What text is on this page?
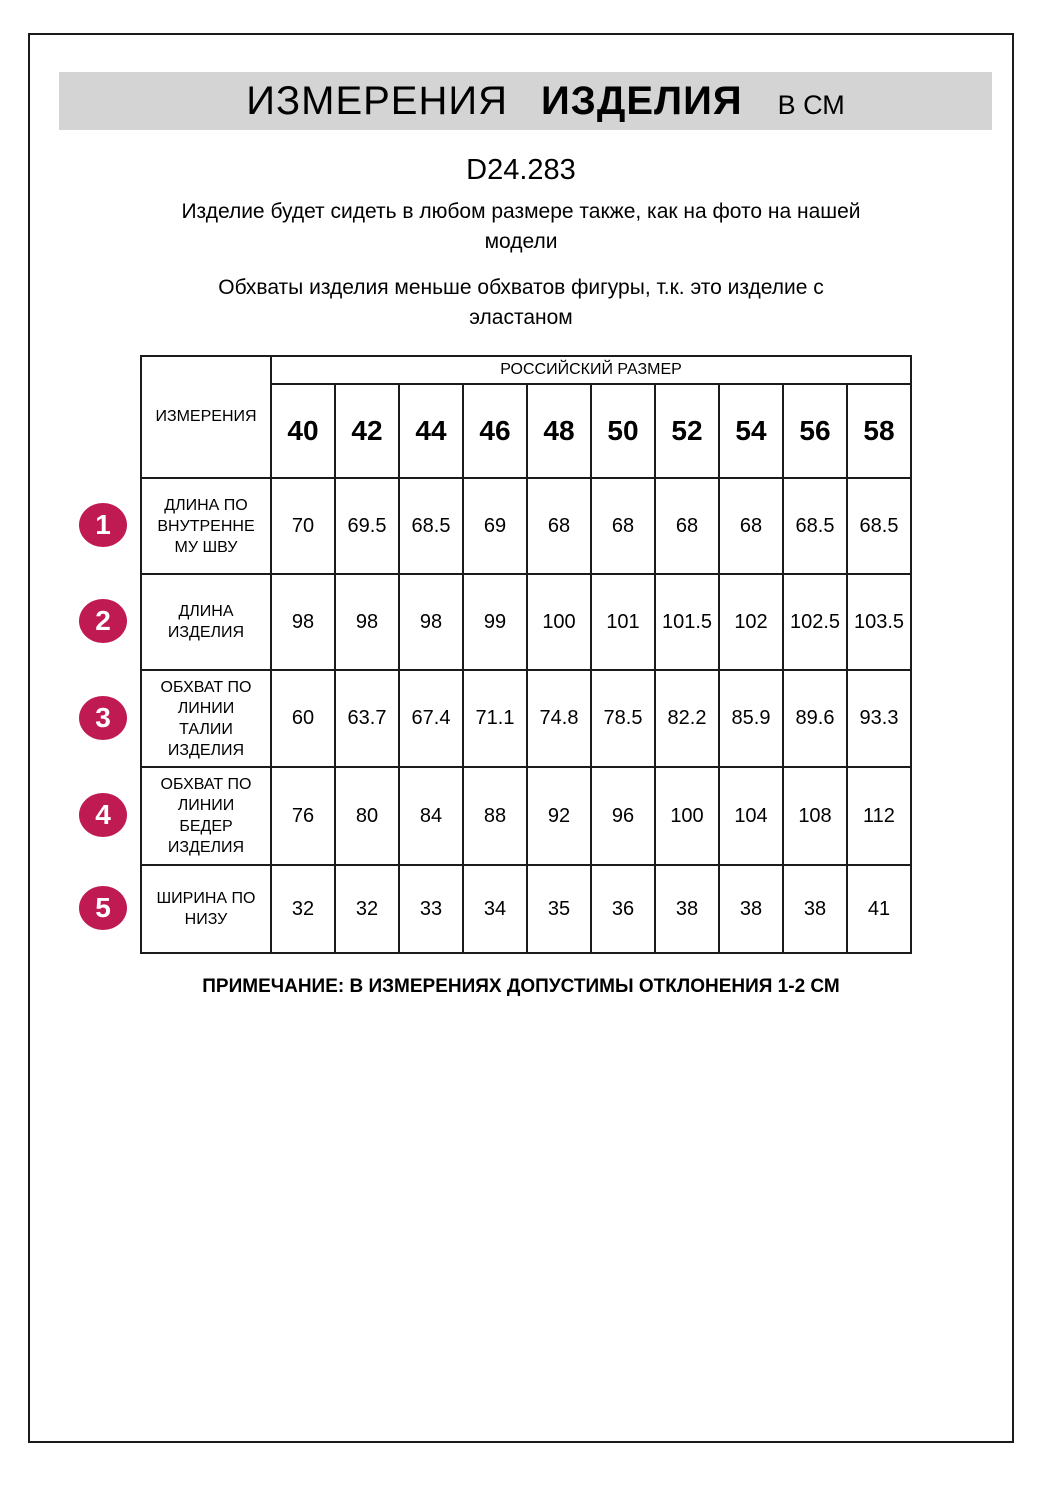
ИЗМЕРЕНИЯ ИЗДЕЛИЯ В СМ
D24.283

Изделие будет сидеть в любом размере также, как на фото на нашей
модели

Обхваты изделия меньше обхватов фигуры, т.к. это изделие с
эластаном

1
2
3
4
5
ИЗМЕРЕНИЯ	РОССИЙСКИЙ РАЗМЕР									
	40	42	44	46	48	50	52	54	56	58
ДЛИНА ПО
ВНУТРЕННЕ
МУ ШВУ	70	69.5	68.5	69	68	68	68	68	68.5	68.5
ДЛИНА
ИЗДЕЛИЯ	98	98	98	99	100	101	101.5	102	102.5	103.5
ОБХВАТ ПО
ЛИНИИ
ТАЛИИ
ИЗДЕЛИЯ	60	63.7	67.4	71.1	74.8	78.5	82.2	85.9	89.6	93.3
ОБХВАТ ПО
ЛИНИИ
БЕДЕР
ИЗДЕЛИЯ	76	80	84	88	92	96	100	104	108	112
ШИРИНА ПО
НИЗУ	32	32	33	34	35	36	38	38	38	41

ПРИМЕЧАНИЕ: В ИЗМЕРЕНИЯХ ДОПУСТИМЫ ОТКЛОНЕНИЯ 1-2 СМ
